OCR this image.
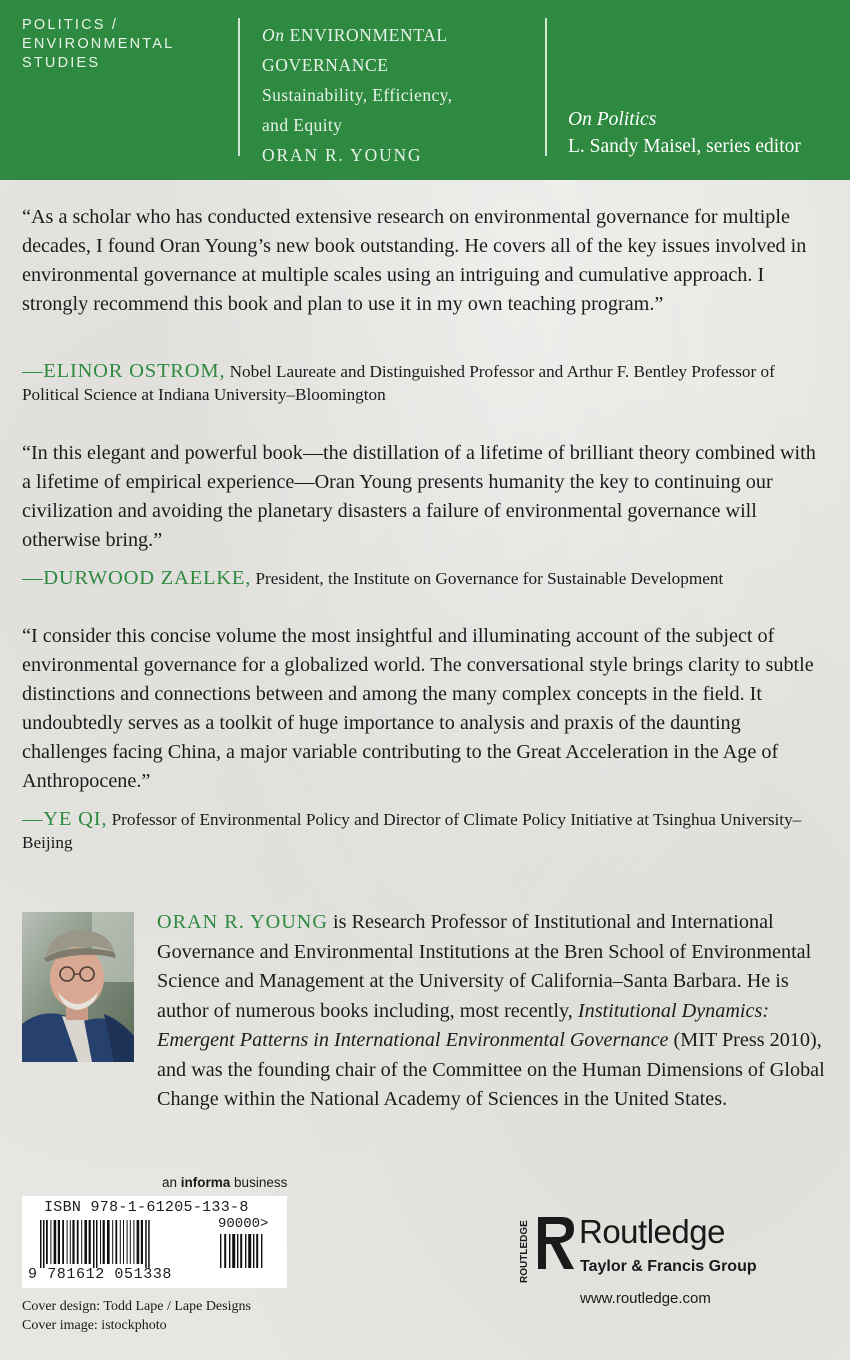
POLITICS /
ENVIRONMENTAL
STUDIES
On ENVIRONMENTAL
GOVERNANCE
Sustainability, Efficiency,
and Equity
ORAN R. YOUNG
On Politics
L. Sandy Maisel, series editor
“As a scholar who has conducted extensive research on environmental governance for multiple decades, I found Oran Young’s new book outstanding. He covers all of the key issues involved in environmental governance at multiple scales using an intriguing and cumulative approach. I strongly recommend this book and plan to use it in my own teaching program.”
—ELINOR OSTROM, Nobel Laureate and Distinguished Professor and Arthur F. Bentley Professor of Political Science at Indiana University–Bloomington
“In this elegant and powerful book—the distillation of a lifetime of brilliant theory combined with a lifetime of empirical experience—Oran Young presents humanity the key to continuing our civilization and avoiding the planetary disasters a failure of environmental governance will otherwise bring.”
—DURWOOD ZAELKE, President, the Institute on Governance for Sustainable Development
“I consider this concise volume the most insightful and illuminating account of the subject of environmental governance for a globalized world. The conversational style brings clarity to subtle distinctions and connections between and among the many complex concepts in the field. It undoubtedly serves as a toolkit of huge importance to analysis and praxis of the daunting challenges facing China, a major variable contributing to the Great Acceleration in the Age of Anthropocene.”
—YE QI, Professor of Environmental Policy and Director of Climate Policy Initiative at Tsinghua University–Beijing
ORAN R. YOUNG is Research Professor of Institutional and International Governance and Environmental Institutions at the Bren School of Environmental Science and Management at the University of California–Santa Barbara. He is author of numerous books including, most recently, Institutional Dynamics: Emergent Patterns in International Environmental Governance (MIT Press 2010), and was the founding chair of the Committee on the Human Dimensions of Global Change within the National Academy of Sciences in the United States.
an informa business
ISBN 978-1-61205-133-8
90000>
9 781612 051338
Cover design: Todd Lape / Lape Designs
Cover image: istockphoto
ROUTLEDGE Routledge
Taylor & Francis Group
www.routledge.com
